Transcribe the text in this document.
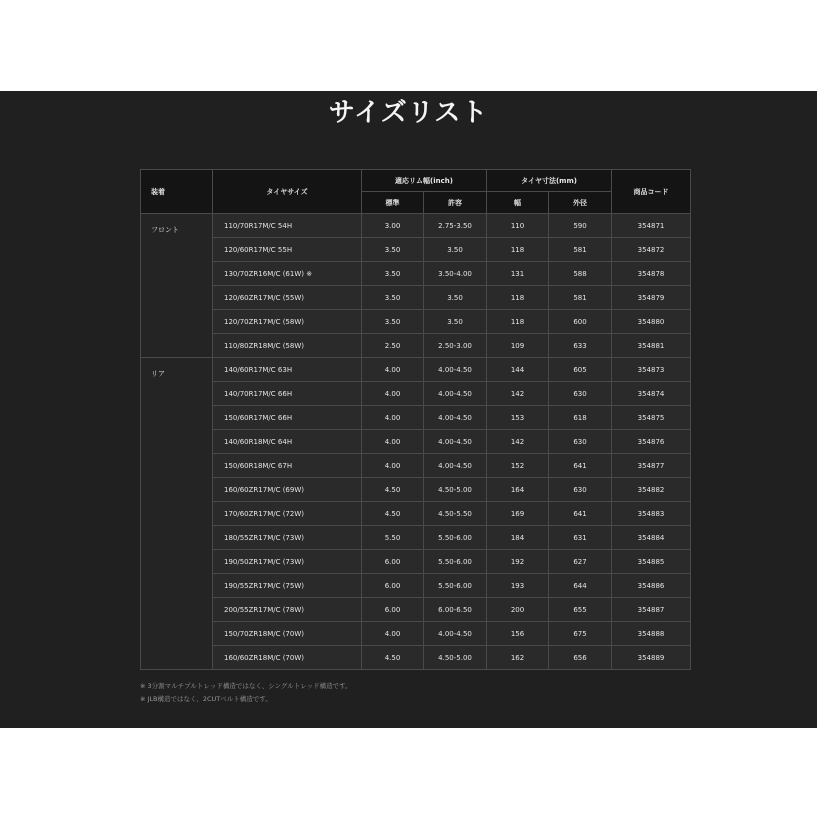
サイズリスト
装着	タイヤサイズ	適応リム幅(inch)		タイヤ寸法(mm)		商品コード
		標準	許容	幅	外径	
フロント	110/70R17M/C 54H	3.00	2.75-3.50	110	590	354871
	120/60R17M/C 55H	3.50	3.50	118	581	354872
	130/70ZR16M/C (61W) ※	3.50	3.50-4.00	131	588	354878
	120/60ZR17M/C (55W)	3.50	3.50	118	581	354879
	120/70ZR17M/C (58W)	3.50	3.50	118	600	354880
	110/80ZR18M/C (58W)	2.50	2.50-3.00	109	633	354881
リア	140/60R17M/C 63H	4.00	4.00-4.50	144	605	354873
	140/70R17M/C 66H	4.00	4.00-4.50	142	630	354874
	150/60R17M/C 66H	4.00	4.00-4.50	153	618	354875
	140/60R18M/C 64H	4.00	4.00-4.50	142	630	354876
	150/60R18M/C 67H	4.00	4.00-4.50	152	641	354877
	160/60ZR17M/C (69W)	4.50	4.50-5.00	164	630	354882
	170/60ZR17M/C (72W)	4.50	4.50-5.50	169	641	354883
	180/55ZR17M/C (73W)	5.50	5.50-6.00	184	631	354884
	190/50ZR17M/C (73W)	6.00	5.50-6.00	192	627	354885
	190/55ZR17M/C (75W)	6.00	5.50-6.00	193	644	354886
	200/55ZR17M/C (78W)	6.00	6.00-6.50	200	655	354887
	150/70ZR18M/C (70W)	4.00	4.00-4.50	156	675	354888
	160/60ZR18M/C (70W)	4.50	4.50-5.00	162	656	354889
※ 3分割マルチプルトレッド構造ではなく、シングルトレッド構造です。
※ JLB構造ではなく、2CUTベルト構造です。
